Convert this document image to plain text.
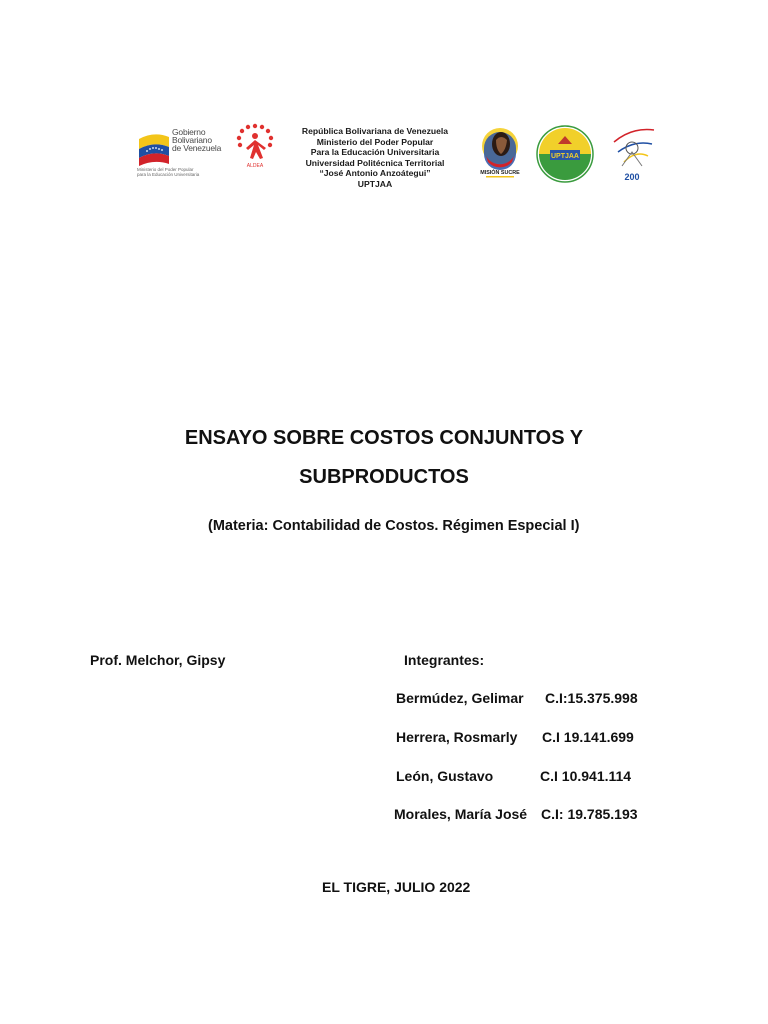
Gobierno
Bolivariano
de Venezuela
Ministerio del Poder Popular
para la Educación Universitaria
ALDEA
República Bolivariana de Venezuela
Ministerio del Poder Popular
Para la Educación Universitaria
Universidad Politécnica Territorial
“José Antonio Anzoátegui”
UPTJAA
MISIÓN SUCRE
UPTJAA
200
ENSAYO SOBRE COSTOS CONJUNTOS Y
SUBPRODUCTOS
(Materia: Contabilidad de Costos. Régimen Especial I)
Prof. Melchor, Gipsy	Integrantes:
Bermúdez, Gelimar C.I:15.375.998
Herrera, Rosmarly C.I 19.141.699
León, Gustavo	C.I 10.941.114
Morales, María José C.I: 19.785.193
EL TIGRE, JULIO 2022
